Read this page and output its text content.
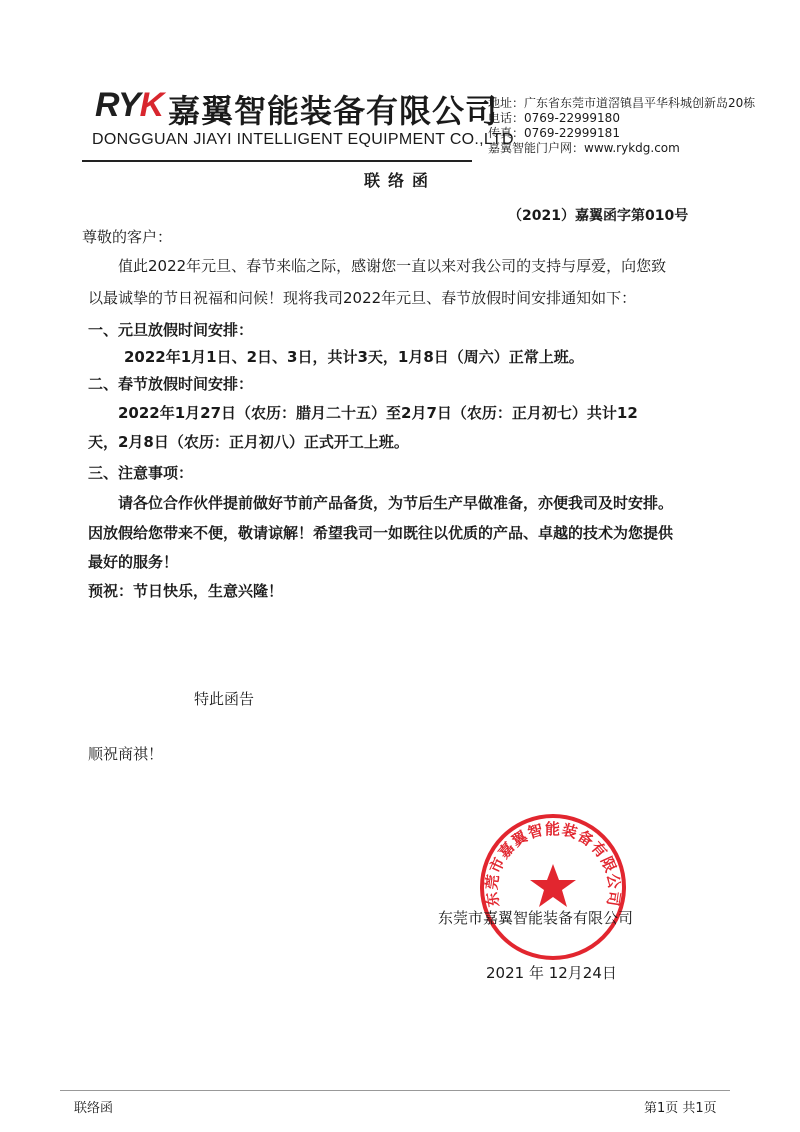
RYK 嘉翼智能装备有限公司
DONGGUAN JIAYI INTELLIGENT EQUIPMENT CO.,LTD
地址：广东省东莞市道滘镇昌平华科城创新岛20栋
电话：0769-22999180
传真：0769-22999181
嘉翼智能门户网：www.rykdg.com
联络函
（2021）嘉翼函字第010号
尊敬的客户：
值此2022年元旦、春节来临之际，感谢您一直以来对我公司的支持与厚爱，向您致
以最诚挚的节日祝福和问候！现将我司2022年元旦、春节放假时间安排通知如下：
一、元旦放假时间安排：
2022年1月1日、2日、3日，共计3天，1月8日（周六）正常上班。
二、春节放假时间安排：
2022年1月27日（农历：腊月二十五）至2月7日（农历：正月初七）共计12
天，2月8日（农历：正月初八）正式开工上班。
三、注意事项：
请各位合作伙伴提前做好节前产品备货，为节后生产早做准备，亦便我司及时安排。
因放假给您带来不便，敬请谅解！希望我司一如既往以优质的产品、卓越的技术为您提供
最好的服务！
预祝：节日快乐，生意兴隆！
特此函告
顺祝商祺！
东莞市嘉翼智能装备有限公司
东莞市嘉翼智能装备有限公司
2021 年 12月24日
联络函	第1页 共1页
